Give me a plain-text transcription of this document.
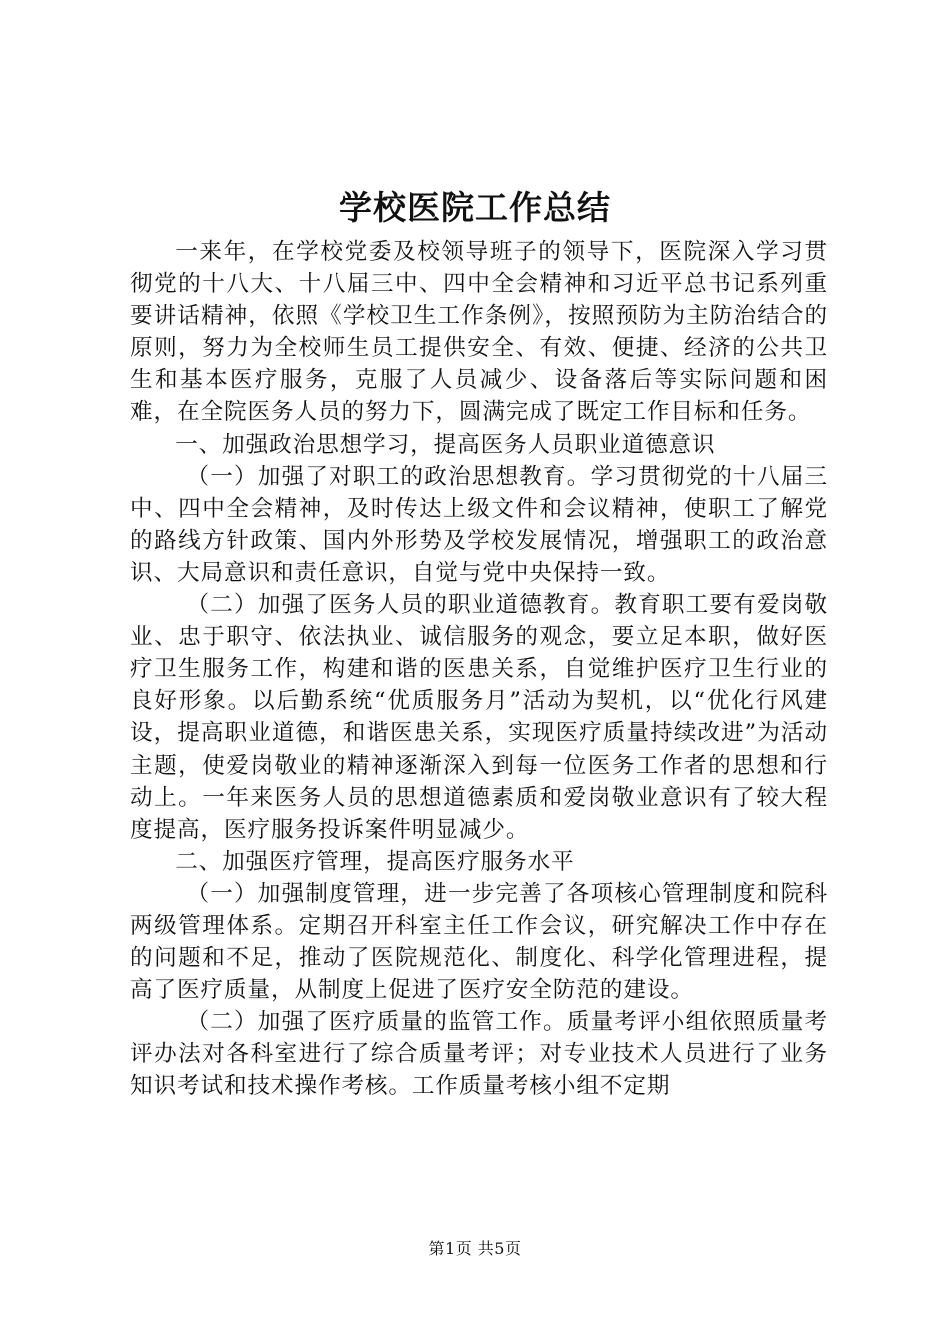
学校医院工作总结

一来年，在学校党委及校领导班子的领导下，医院深入学习贯彻党的十八大、十八届三中、四中全会精神和习近平总书记系列重要讲话精神，依照《学校卫生工作条例》，按照预防为主防治结合的原则，努力为全校师生员工提供安全、有效、便捷、经济的公共卫生和基本医疗服务，克服了人员减少、设备落后等实际问题和困难，在全院医务人员的努力下，圆满完成了既定工作目标和任务。

一、加强政治思想学习，提高医务人员职业道德意识

（一）加强了对职工的政治思想教育。学习贯彻党的十八届三中、四中全会精神，及时传达上级文件和会议精神，使职工了解党的路线方针政策、国内外形势及学校发展情况，增强职工的政治意识、大局意识和责任意识，自觉与党中央保持一致。

（二）加强了医务人员的职业道德教育。教育职工要有爱岗敬业、忠于职守、依法执业、诚信服务的观念，要立足本职，做好医疗卫生服务工作，构建和谐的医患关系，自觉维护医疗卫生行业的良好形象。以后勤系统“优质服务月”活动为契机，以“优化行风建设，提高职业道德，和谐医患关系，实现医疗质量持续改进”为活动主题，使爱岗敬业的精神逐渐深入到每一位医务工作者的思想和行动上。一年来医务人员的思想道德素质和爱岗敬业意识有了较大程度提高，医疗服务投诉案件明显减少。

二、加强医疗管理，提高医疗服务水平

（一）加强制度管理，进一步完善了各项核心管理制度和院科两级管理体系。定期召开科室主任工作会议，研究解决工作中存在的问题和不足，推动了医院规范化、制度化、科学化管理进程，提高了医疗质量，从制度上促进了医疗安全防范的建设。

（二）加强了医疗质量的监管工作。质量考评小组依照质量考评办法对各科室进行了综合质量考评；对专业技术人员进行了业务知识考试和技术操作考核。工作质量考核小组不定期

第1页 共5页
